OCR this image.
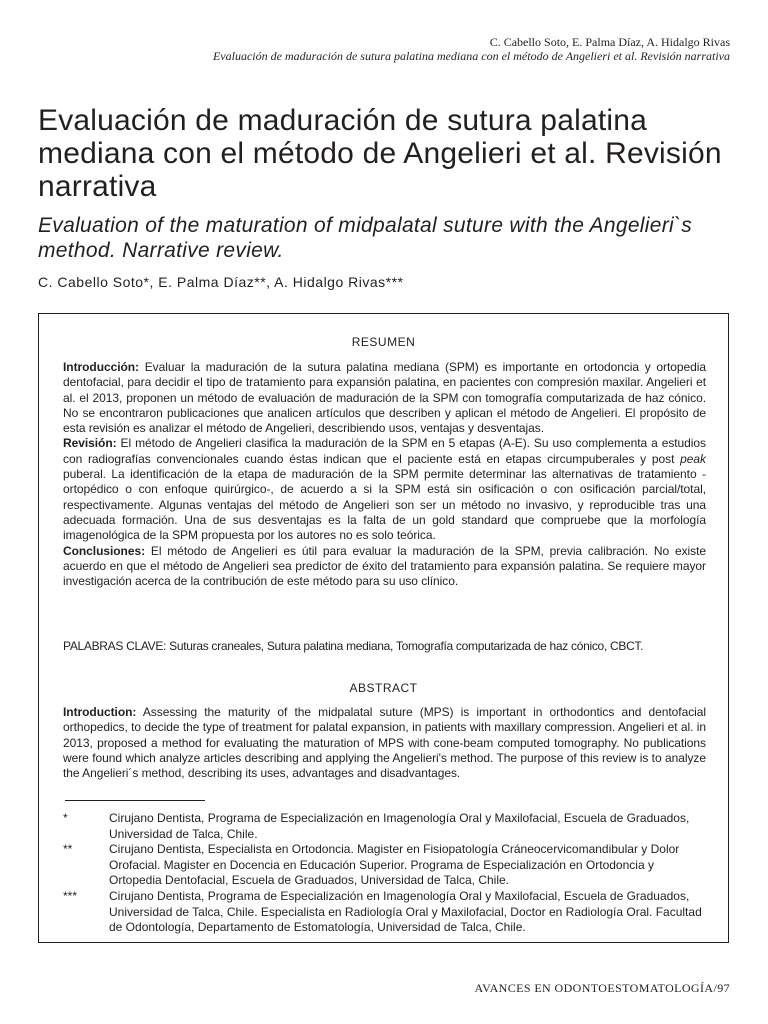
C. Cabello Soto, E. Palma Díaz, A. Hidalgo Rivas
Evaluación de maduración de sutura palatina mediana con el método de Angelieri et al. Revisión narrativa
Evaluación de maduración de sutura palatina mediana con el método de Angelieri et al. Revisión narrativa
Evaluation of the maturation of midpalatal suture with the Angelieri`s method. Narrative review.
C. Cabello Soto*, E. Palma Díaz**, A. Hidalgo Rivas***
RESUMEN
Introducción: Evaluar la maduración de la sutura palatina mediana (SPM) es importante en ortodoncia y ortopedia dentofacial, para decidir el tipo de tratamiento para expansión palatina, en pacientes con compresión maxilar. Angelieri et al. el 2013, proponen un método de evaluación de maduración de la SPM con tomografía computarizada de haz cónico. No se encontraron publicaciones que analicen artículos que describen y aplican el método de Angelieri. El propósito de esta revisión es analizar el método de Angelieri, describiendo usos, ventajas y desventajas.
Revisión: El método de Angelieri clasifica la maduración de la SPM en 5 etapas (A-E). Su uso complementa a estudios con radiografías convencionales cuando éstas indican que el paciente está en etapas circumpuberales y post peak puberal. La identificación de la etapa de maduración de la SPM permite determinar las alternativas de tratamiento -ortopédico o con enfoque quirúrgico-, de acuerdo a si la SPM está sin osificación o con osificación parcial/total, respectivamente. Algunas ventajas del método de Angelieri son ser un método no invasivo, y reproducible tras una adecuada formación. Una de sus desventajas es la falta de un gold standard que compruebe que la morfología imagenológica de la SPM propuesta por los autores no es solo teórica.
Conclusiones: El método de Angelieri es útil para evaluar la maduración de la SPM, previa calibración. No existe acuerdo en que el método de Angelieri sea predictor de éxito del tratamiento para expansión palatina. Se requiere mayor investigación acerca de la contribución de este método para su uso clínico.
PALABRAS CLAVE: Suturas craneales, Sutura palatina mediana, Tomografía computarizada de haz cónico, CBCT.
ABSTRACT
Introduction: Assessing the maturity of the midpalatal suture (MPS) is important in orthodontics and dentofacial orthopedics, to decide the type of treatment for palatal expansion, in patients with maxillary compression. Angelieri et al. in 2013, proposed a method for evaluating the maturation of MPS with cone-beam computed tomography. No publications were found which analyze articles describing and applying the Angelieri's method. The purpose of this review is to analyze the Angelieri´s method, describing its uses, advantages and disadvantages.
*	Cirujano Dentista, Programa de Especialización en Imagenología Oral y Maxilofacial, Escuela de Graduados, Universidad de Talca, Chile.
**	Cirujano Dentista, Especialista en Ortodoncia. Magister en Fisiopatología Cráneocervicomandibular y Dolor Orofacial. Magister en Docencia en Educación Superior. Programa de Especialización en Ortodoncia y Ortopedia Dentofacial, Escuela de Graduados, Universidad de Talca, Chile.
***	Cirujano Dentista, Programa de Especialización en Imagenología Oral y Maxilofacial, Escuela de Graduados, Universidad de Talca, Chile. Especialista en Radiología Oral y Maxilofacial, Doctor en Radiología Oral. Facultad de Odontología, Departamento de Estomatología, Universidad de Talca, Chile.
AVANCES EN ODONTOESTOMATOLOGÍA/97
